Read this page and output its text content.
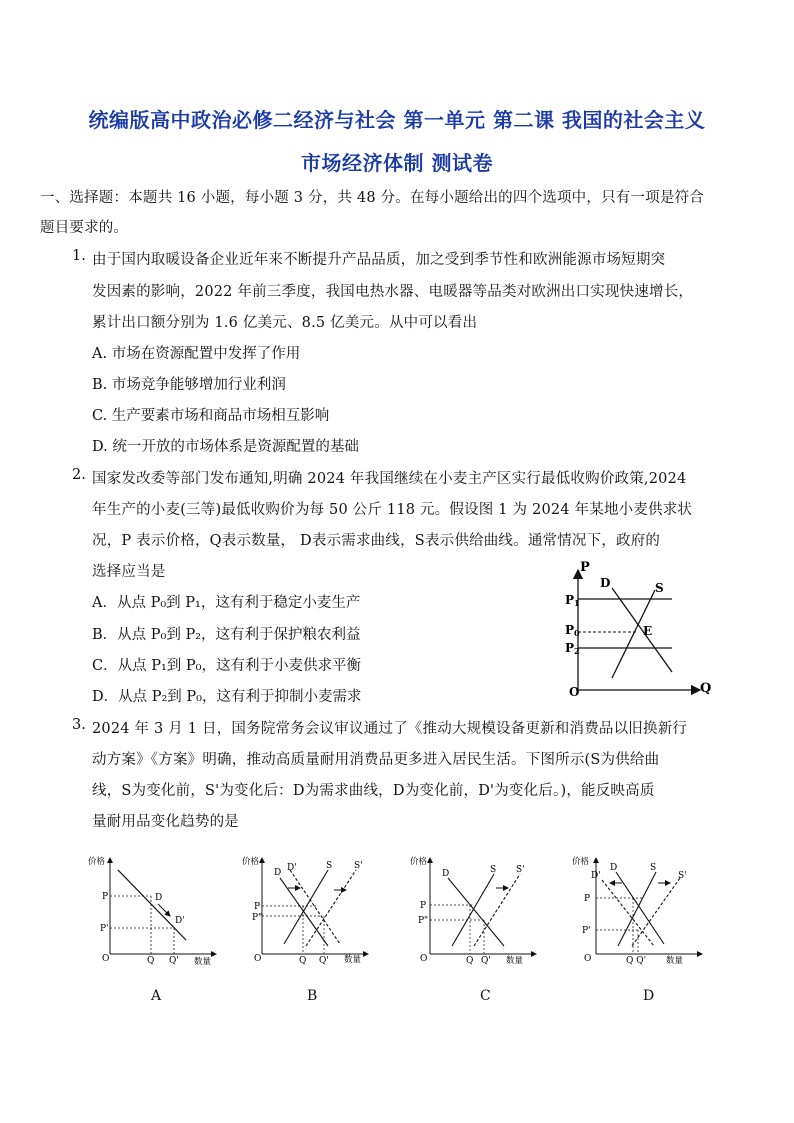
统编版高中政治必修二经济与社会 第一单元 第二课 我国的社会主义
市场经济体制 测试卷
一、选择题：本题共 16 小题，每小题 3 分，共 48 分。在每小题给出的四个选项中，只有一项是符合
题目要求的。
1. 由于国内取暖设备企业近年来不断提升产品品质，加之受到季节性和欧洲能源市场短期突
发因素的影响，2022 年前三季度，我国电热水器、电暖器等品类对欧洲出口实现快速增长，
累计出口额分别为 1.6 亿美元、8.5 亿美元。从中可以看出
A. 市场在资源配置中发挥了作用
B. 市场竞争能够增加行业利润
C. 生产要素市场和商品市场相互影响
D. 统一开放的市场体系是资源配置的基础
2. 国家发改委等部门发布通知,明确 2024 年我国继续在小麦主产区实行最低收购价政策,2024
年生产的小麦(三等)最低收购价为每 50 公斤 118 元。假设图 1 为 2024 年某地小麦供求状
况，P 表示价格，Q表示数量， D表示需求曲线，S表示供给曲线。通常情况下，政府的
选择应当是
A．从点 P₀到 P₁，这有利于稳定小麦生产
B．从点 P₀到 P₂，这有利于保护粮农利益
C．从点 P₁到 P₀，这有利于小麦供求平衡
D．从点 P₂到 P₀，这有利于抑制小麦需求
P
Q
O
D	S
E
P1
P0
P2
3. 2024 年 3 月 1 日，国务院常务会议审议通过了《推动大规模设备更新和消费品以旧换新行
动方案》《方案》明确，推动高质量耐用消费品更多进入居民生活。下图所示(S为供给曲
线，S为变化前，S'为变化后：D为需求曲线，D为变化前，D'为变化后。)，能反映高质
量耐用品变化趋势的是
价格
数量
O
D
D'
P
P'
Q Q'
价格
数量
O
D D'	S S'
P
P"
Q Q'
价格
数量
O
D	S S'
P
P"
Q Q'
价格
数量
O
D
D'
S
S'
P
P'
Q Q'
A	B	C	D
